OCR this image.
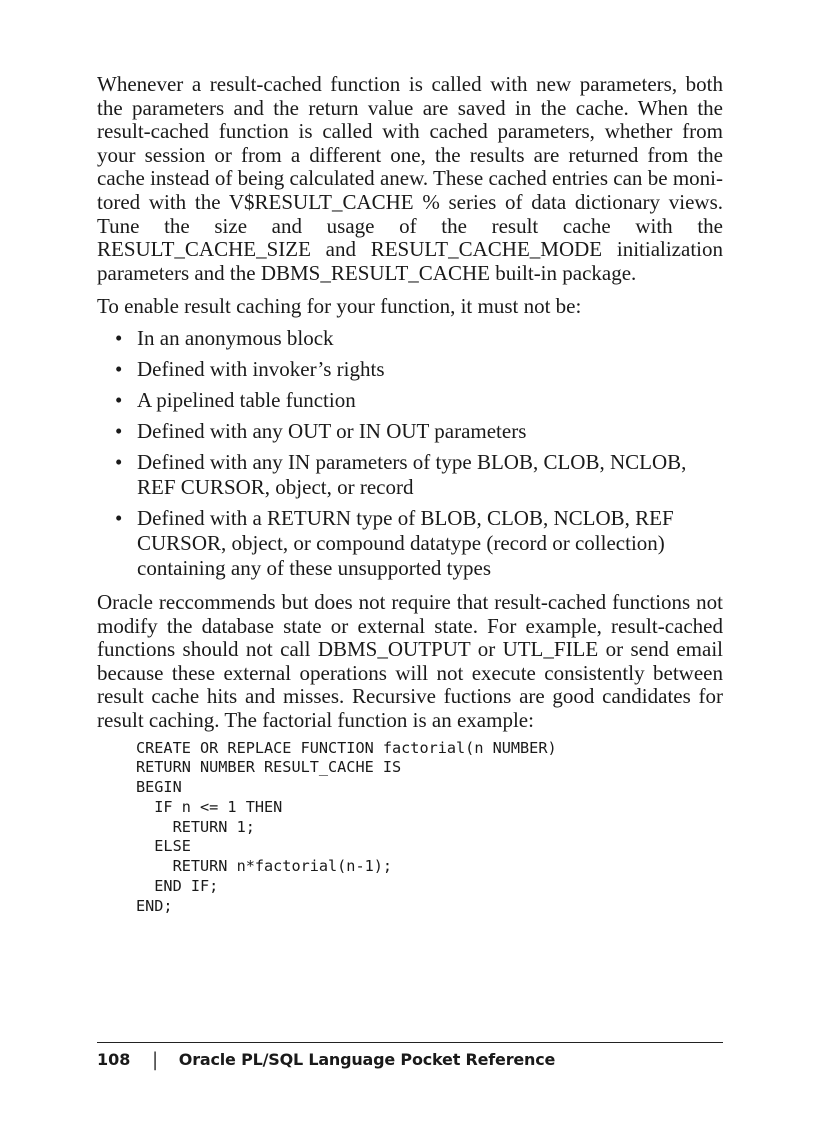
Whenever a result-cached function is called with new parameters, both the parameters and the return value are saved in the cache. When the result-cached function is called with cached parameters, whether from your session or from a different one, the results are returned from the cache instead of being calculated anew. These cached entries can be monitored with the V$RESULT_CACHE % series of data dictionary views. Tune the size and usage of the result cache with the RESULT_CACHE_SIZE and RESULT_CACHE_MODE initialization parameters and the DBMS_RESULT_CACHE built-in package.

To enable result caching for your function, it must not be:

• In an anonymous block
• Defined with invoker’s rights
• A pipelined table function
• Defined with any OUT or IN OUT parameters
• Defined with any IN parameters of type BLOB, CLOB, NCLOB, REF CURSOR, object, or record
• Defined with a RETURN type of BLOB, CLOB, NCLOB, REF CURSOR, object, or compound datatype (record or collection) containing any of these unsupported types

Oracle reccommends but does not require that result-cached functions not modify the database state or external state. For example, result-cached functions should not call DBMS_​OUTPUT or UTL_FILE or send email because these external operations will not execute consistently between result cache hits and misses. Recursive fuctions are good candidates for result caching. The factorial function is an example:

CREATE OR REPLACE FUNCTION factorial(n NUMBER)
RETURN NUMBER RESULT_CACHE IS
BEGIN
IF n <= 1 THEN
RETURN 1;
ELSE
RETURN n*factorial(n-1);
END IF;
END;
108 | Oracle PL/SQL Language Pocket Reference
